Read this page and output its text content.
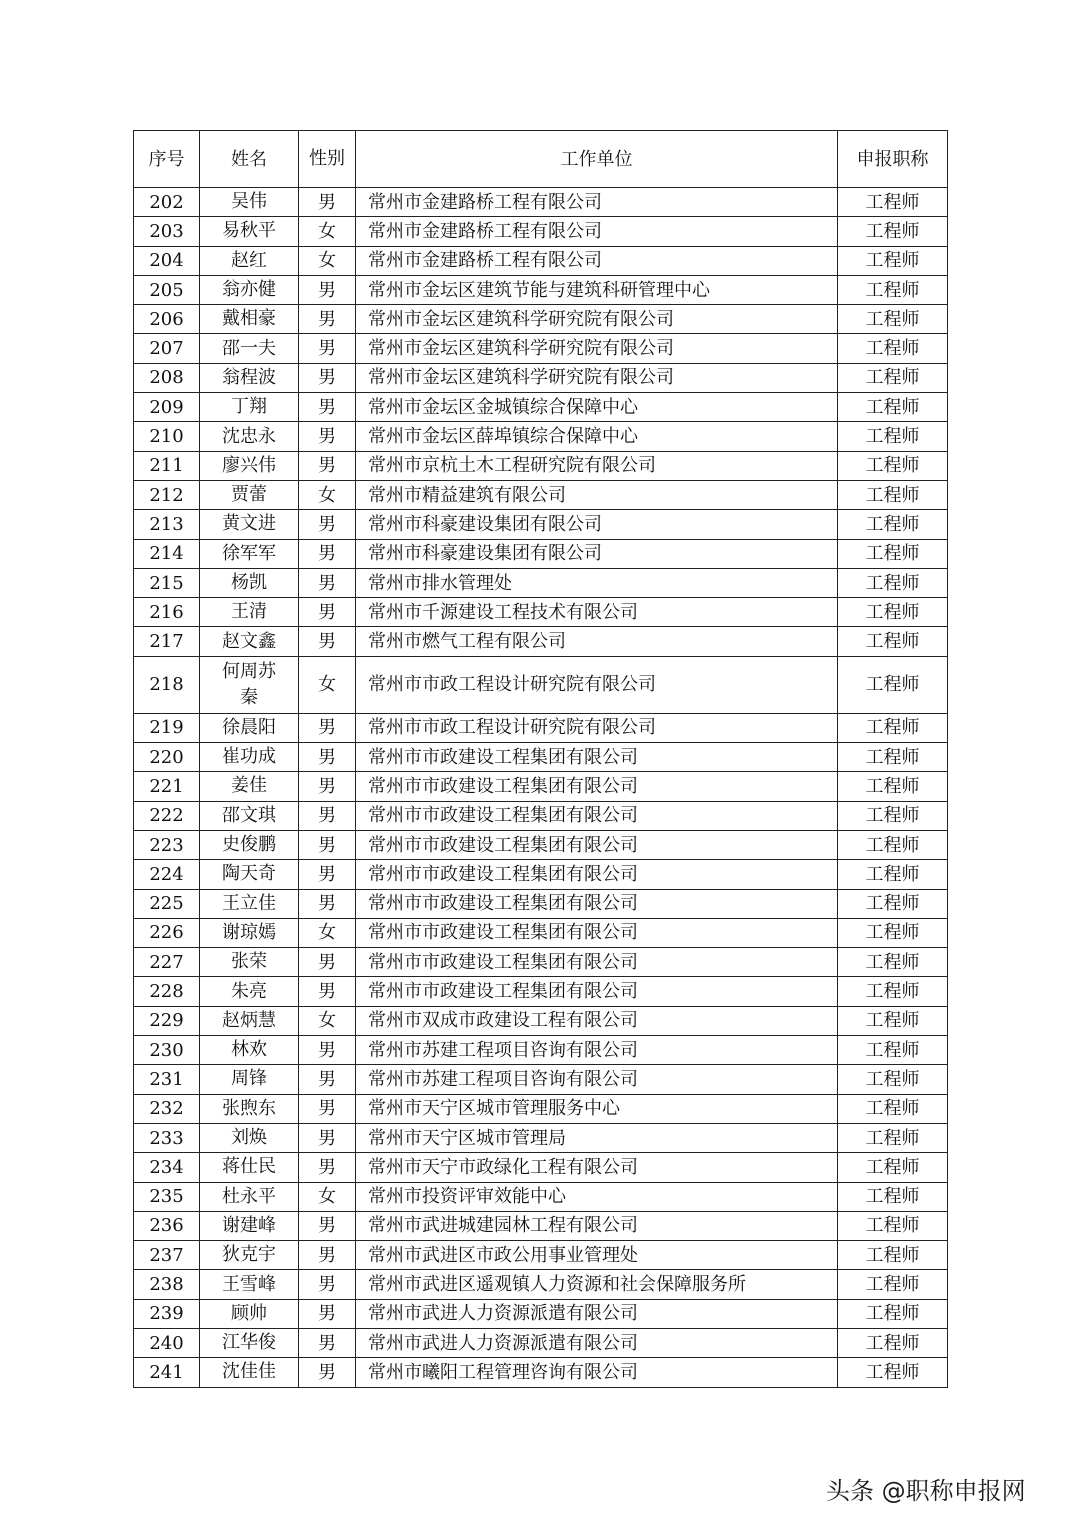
序号	姓名	性别	工作单位	申报职称
202	吴伟	男	常州市金建路桥工程有限公司	工程师
203	易秋平	女	常州市金建路桥工程有限公司	工程师
204	赵红	女	常州市金建路桥工程有限公司	工程师
205	翁亦健	男	常州市金坛区建筑节能与建筑科研管理中心	工程师
206	戴相豪	男	常州市金坛区建筑科学研究院有限公司	工程师
207	邵一夫	男	常州市金坛区建筑科学研究院有限公司	工程师
208	翁程波	男	常州市金坛区建筑科学研究院有限公司	工程师
209	丁翔	男	常州市金坛区金城镇综合保障中心	工程师
210	沈忠永	男	常州市金坛区薛埠镇综合保障中心	工程师
211	廖兴伟	男	常州市京杭土木工程研究院有限公司	工程师
212	贾蕾	女	常州市精益建筑有限公司	工程师
213	黄文进	男	常州市科豪建设集团有限公司	工程师
214	徐军军	男	常州市科豪建设集团有限公司	工程师
215	杨凯	男	常州市排水管理处	工程师
216	王清	男	常州市千源建设工程技术有限公司	工程师
217	赵文鑫	男	常州市燃气工程有限公司	工程师
218	何周苏秦	女	常州市市政工程设计研究院有限公司	工程师
219	徐晨阳	男	常州市市政工程设计研究院有限公司	工程师
220	崔功成	男	常州市市政建设工程集团有限公司	工程师
221	姜佳	男	常州市市政建设工程集团有限公司	工程师
222	邵文琪	男	常州市市政建设工程集团有限公司	工程师
223	史俊鹏	男	常州市市政建设工程集团有限公司	工程师
224	陶天奇	男	常州市市政建设工程集团有限公司	工程师
225	王立佳	男	常州市市政建设工程集团有限公司	工程师
226	谢琼嫣	女	常州市市政建设工程集团有限公司	工程师
227	张荣	男	常州市市政建设工程集团有限公司	工程师
228	朱亮	男	常州市市政建设工程集团有限公司	工程师
229	赵炳慧	女	常州市双成市政建设工程有限公司	工程师
230	林欢	男	常州市苏建工程项目咨询有限公司	工程师
231	周锋	男	常州市苏建工程项目咨询有限公司	工程师
232	张煦东	男	常州市天宁区城市管理服务中心	工程师
233	刘焕	男	常州市天宁区城市管理局	工程师
234	蒋仕民	男	常州市天宁市政绿化工程有限公司	工程师
235	杜永平	女	常州市投资评审效能中心	工程师
236	谢建峰	男	常州市武进城建园林工程有限公司	工程师
237	狄克宇	男	常州市武进区市政公用事业管理处	工程师
238	王雪峰	男	常州市武进区遥观镇人力资源和社会保障服务所	工程师
239	顾帅	男	常州市武进人力资源派遣有限公司	工程师
240	江华俊	男	常州市武进人力资源派遣有限公司	工程师
241	沈佳佳	男	常州市曦阳工程管理咨询有限公司	工程师
头条 @职称申报网
